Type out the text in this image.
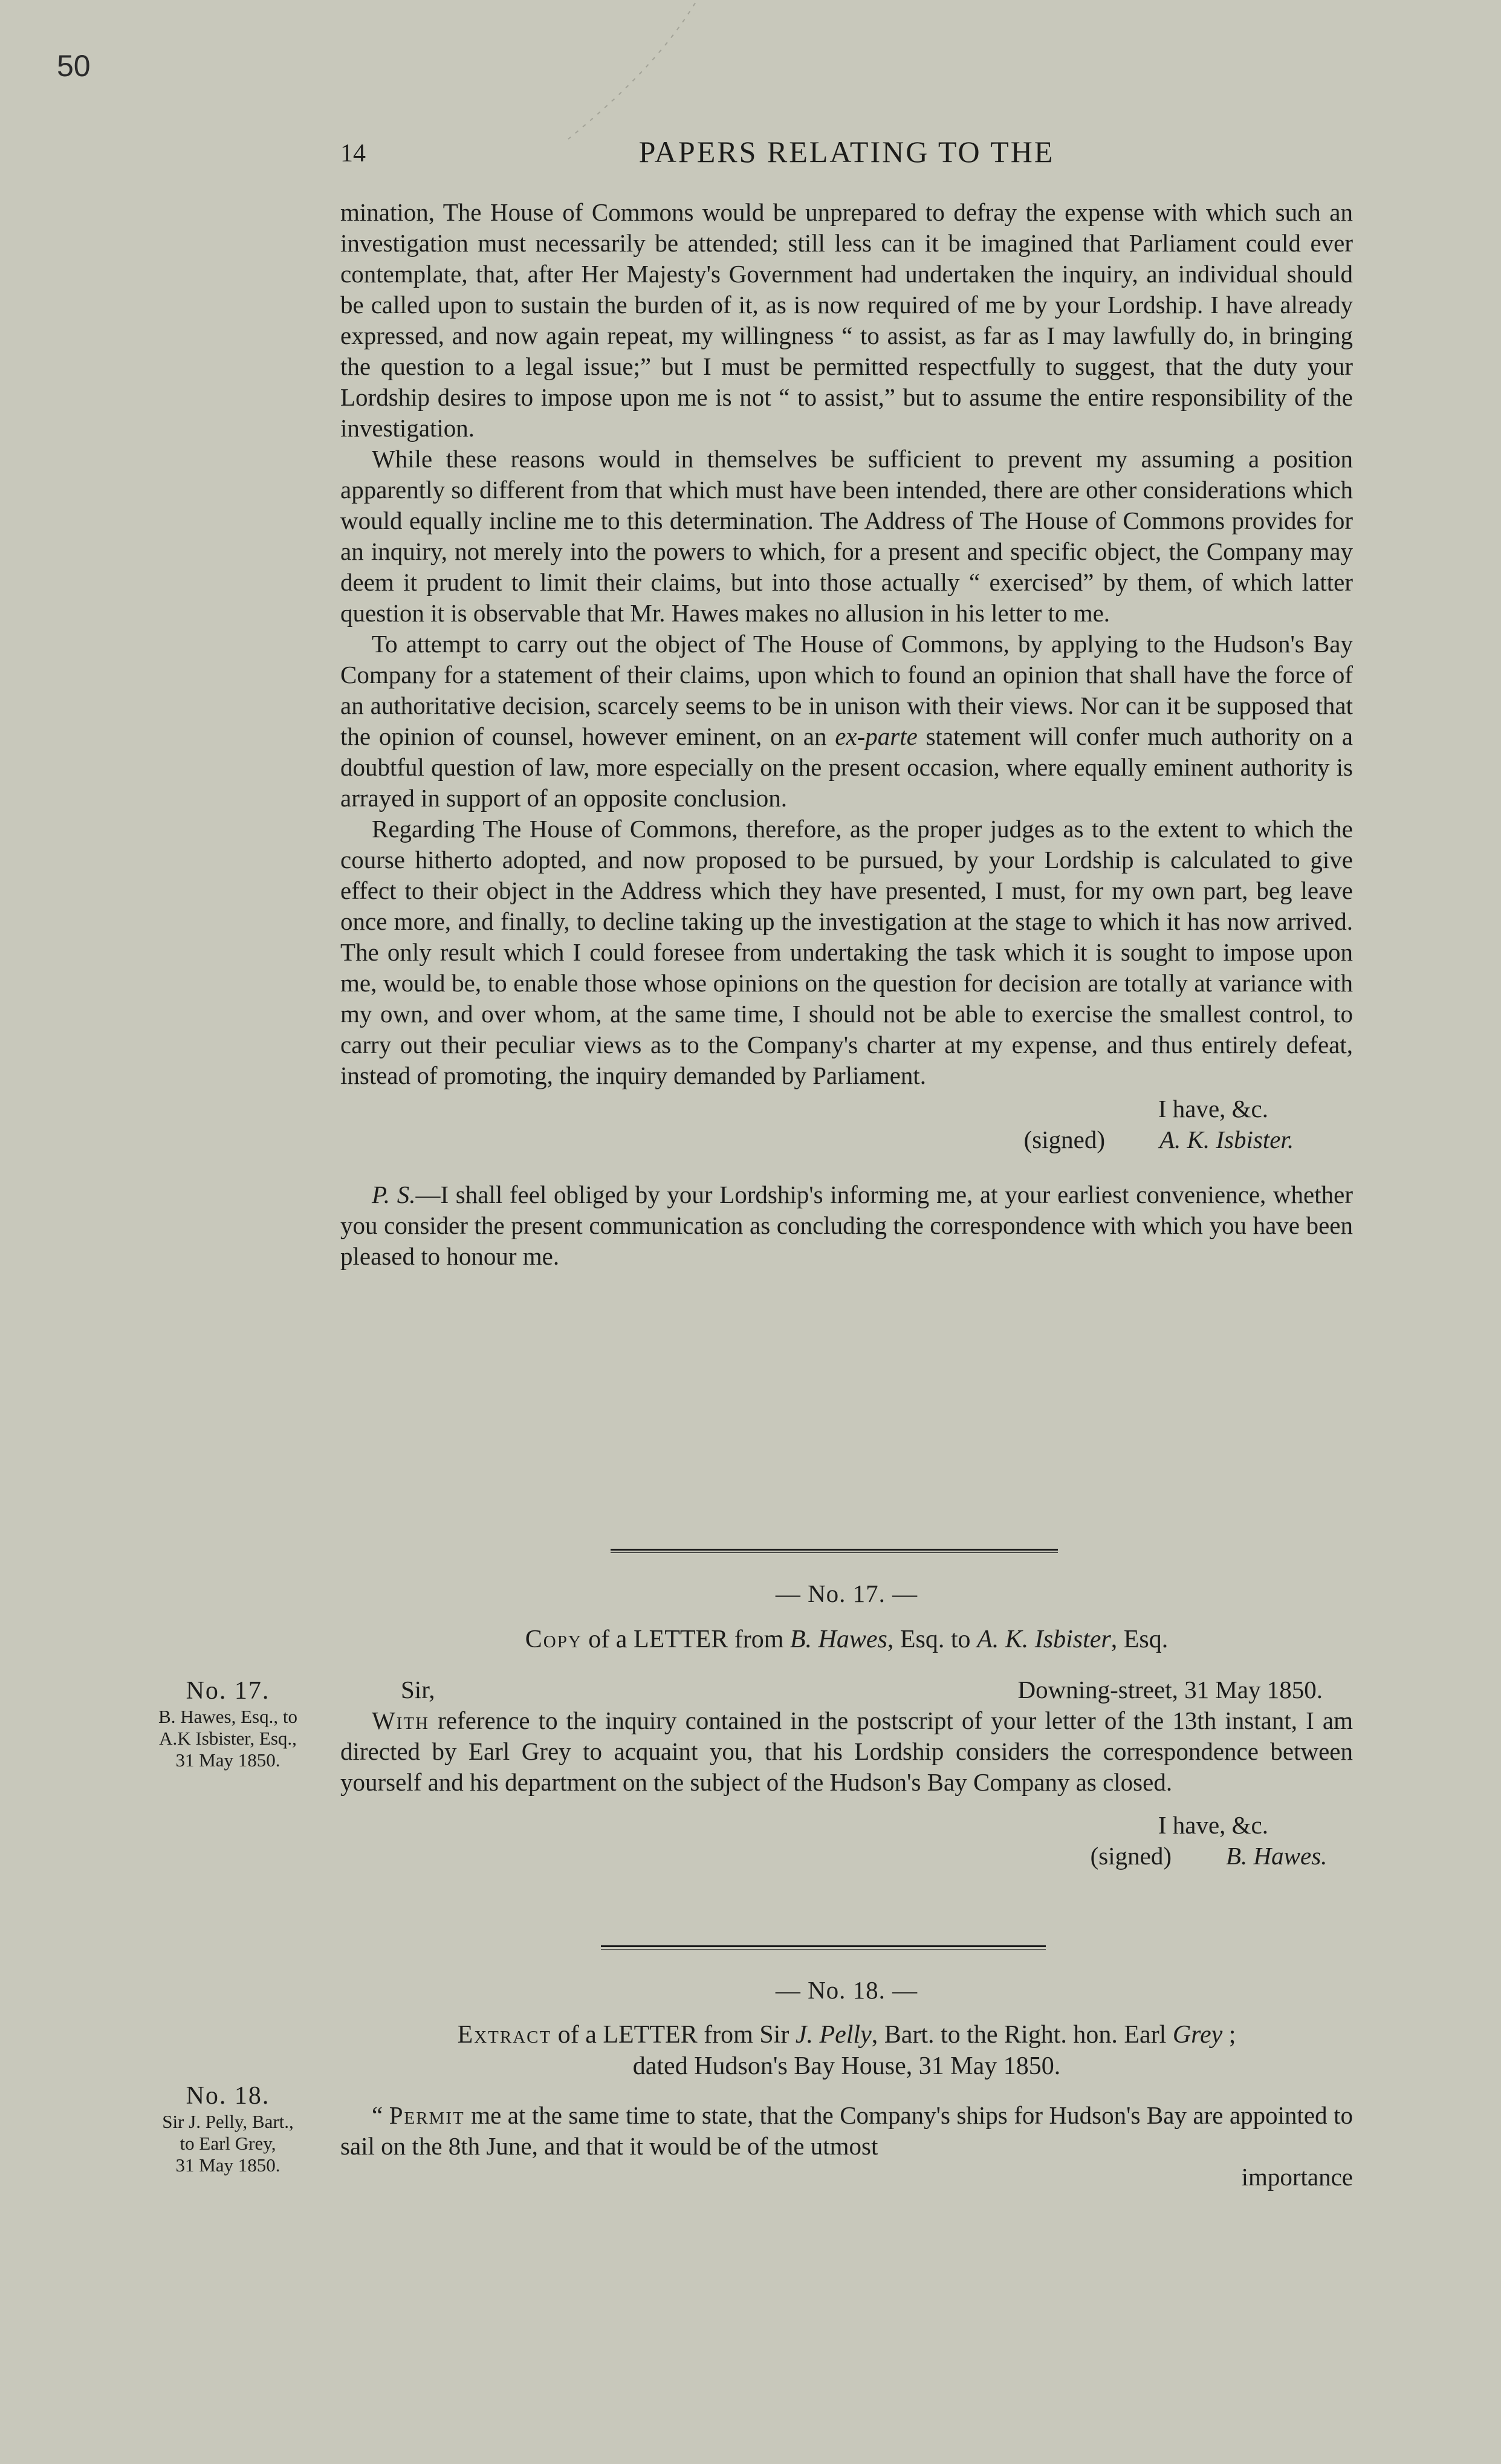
50
14	PAPERS RELATING TO THE

mination, The House of Commons would be unprepared to defray the expense with which such an investigation must necessarily be attended; still less can it be imagined that Parliament could ever contemplate, that, after Her Majesty's Government had undertaken the inquiry, an individual should be called upon to sustain the burden of it, as is now required of me by your Lordship. I have already expressed, and now again repeat, my willingness “ to assist, as far as I may lawfully do, in bringing the question to a legal issue;” but I must be permitted respectfully to suggest, that the duty your Lordship desires to impose upon me is not “ to assist,” but to assume the entire responsibility of the investigation.

While these reasons would in themselves be sufficient to prevent my assuming a position apparently so different from that which must have been intended, there are other considerations which would equally incline me to this determination. The Address of The House of Commons provides for an inquiry, not merely into the powers to which, for a present and specific object, the Company may deem it prudent to limit their claims, but into those actually “ exercised” by them, of which latter question it is observable that Mr. Hawes makes no allusion in his letter to me.

To attempt to carry out the object of The House of Commons, by applying to the Hudson's Bay Company for a statement of their claims, upon which to found an opinion that shall have the force of an authoritative decision, scarcely seems to be in unison with their views. Nor can it be supposed that the opinion of counsel, however eminent, on an ex-parte statement will confer much authority on a doubtful question of law, more especially on the present occasion, where equally eminent authority is arrayed in support of an opposite conclusion.

Regarding The House of Commons, therefore, as the proper judges as to the extent to which the course hitherto adopted, and now proposed to be pursued, by your Lordship is calculated to give effect to their object in the Address which they have presented, I must, for my own part, beg leave once more, and finally, to decline taking up the investigation at the stage to which it has now arrived. The only result which I could foresee from undertaking the task which it is sought to impose upon me, would be, to enable those whose opinions on the question for decision are totally at variance with my own, and over whom, at the same time, I should not be able to exercise the smallest control, to carry out their peculiar views as to the Company's charter at my expense, and thus entirely defeat, instead of promoting, the inquiry demanded by Parliament.

I have, &c.
(signed) A. K. Isbister.

P. S.—I shall feel obliged by your Lordship's informing me, at your earliest convenience, whether you consider the present communication as concluding the correspondence with which you have been pleased to honour me.

— No. 17. —
Copy of a LETTER from B. Hawes, Esq. to A. K. Isbister, Esq.
No. 17.
B. Hawes, Esq., to
A.K Isbister, Esq.,
31 May 1850.
Sir,	Downing-street, 31 May 1850.

With reference to the inquiry contained in the postscript of your letter of the 13th instant, I am directed by Earl Grey to acquaint you, that his Lordship considers the correspondence between yourself and his department on the subject of the Hudson's Bay Company as closed.

I have, &c.
(signed) B. Hawes.
— No. 18. —
Extract of a LETTER from Sir J. Pelly, Bart. to the Right. hon. Earl Grey ;
dated Hudson's Bay House, 31 May 1850.
No. 18.
Sir J. Pelly, Bart.,
to Earl Grey,
31 May 1850.

“ Permit me at the same time to state, that the Company's ships for Hudson's Bay are appointed to sail on the 8th June, and that it would be of the utmost

importance
